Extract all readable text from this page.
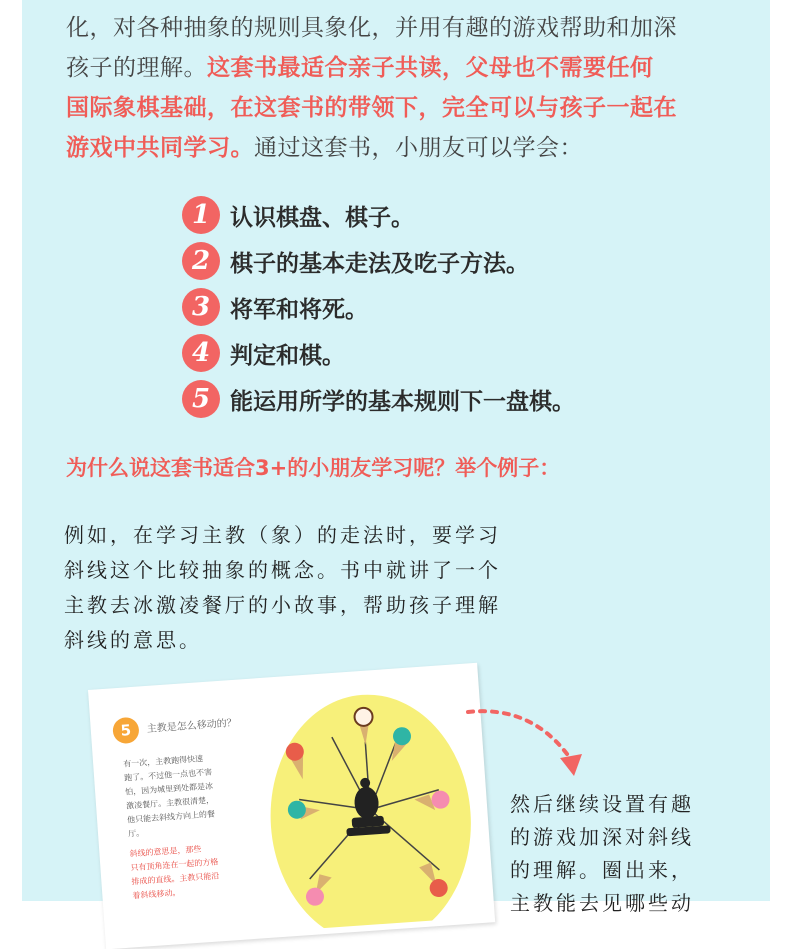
化，对各种抽象的规则具象化，并用有趣的游戏帮助和加深
孩子的理解。这套书最适合亲子共读，父母也不需要任何
国际象棋基础，在这套书的带领下，完全可以与孩子一起在
游戏中共同学习。通过这套书，小朋友可以学会：
1 认识棋盘、棋子。
2 棋子的基本走法及吃子方法。
3 将军和将死。
4 判定和棋。
5 能运用所学的基本规则下一盘棋。
为什么说这套书适合3+的小朋友学习呢？举个例子：
例如，在学习主教（象）的走法时，要学习
斜线这个比较抽象的概念。书中就讲了一个
主教去冰激凌餐厅的小故事，帮助孩子理解
斜线的意思。
5	主教是怎么移动的？
有一次，主教跑得快速
跑了。不过他一点也不害
怕，因为城里到处都是冰
激凌餐厅。主教很清楚，
他只能去斜线方向上的餐
厅。
斜线的意思是，那些
只有顶角连在一起的方格
排成的直线。主教只能沿
着斜线移动。
然后继续设置有趣
的游戏加深对斜线
的理解。圈出来，
主教能去见哪些动
